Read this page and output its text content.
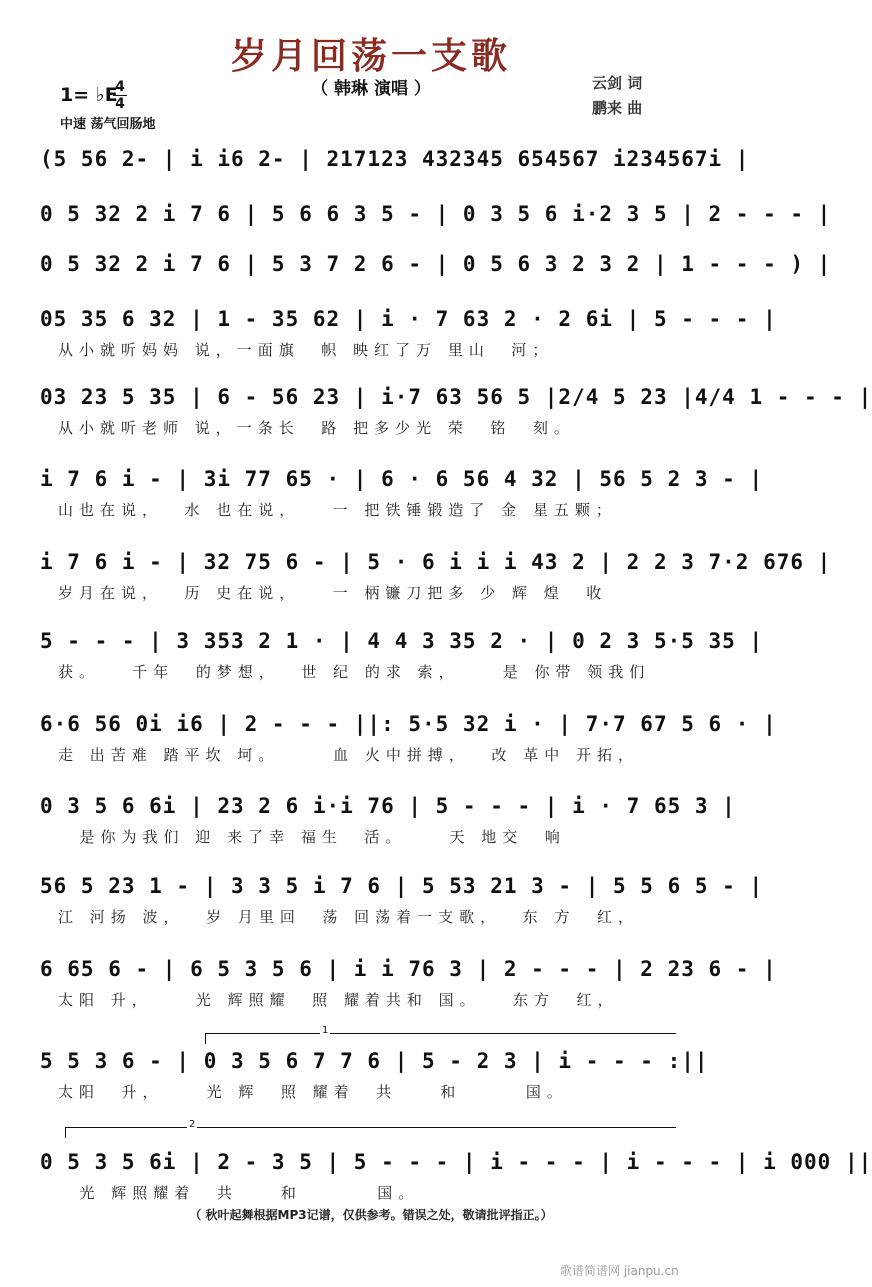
岁月回荡一支歌
（ 韩琳 演唱 ）
1= ♭E
4
4
中速 荡气回肠地
云剑 词
鹏来 曲
(5 56 2- | i i6 2- | 217123 432345 654567 i234567i |
0 5 32 2 i 7 6 | 5 6 6 3 5 - | 0 3 5 6 i·2 3 5 | 2 - - - |
0 5 32 2 i 7 6 | 5 3 7 2 6 - | 0 5 6 3 2 3 2 | 1 - - - ) |
05 35 6 32 | 1 - 35 62 | i · 7 63 2 · 2 6i | 5 - - - |
从小就听妈妈 说，一面旗  帜 映红了万 里山  河；
03 23 5 35 | 6 - 56 23 | i·7 63 56 5 |2/4 5 23 |4/4 1 - - - |
从小就听老师 说，一条长  路 把多少光 荣  铭  刻。
i 7 6 i - | 3i 77 65 · | 6 · 6 56 4 32 | 56 5 2 3 - |
山也在说，  水 也在说，   一 把铁锤锻造了 金 星五颗；
i 7 6 i - | 32 75 6 - | 5 · 6 i i i 43 2 | 2 2 3 7·2 676 |
岁月在说，  历 史在说，   一 柄镰刀把多 少 辉 煌  收
5 - - - | 3 353 2 1 · | 4 4 3 35 2 · | 0 2 3 5·5 35 |
获。   千年  的梦想，  世 纪 的求 索，    是 你带 领我们
6·6 56 0i i6 | 2 - - - ||: 5·5 32 i · | 7·7 67 5 6 · |
走 出苦难 踏平坎 坷。     血 火中拼搏，  改 革中 开拓，
0 3 5 6 6i | 23 2 6 i·i 76 | 5 - - - | i · 7 65 3 |
是你为我们 迎 来了幸 福生  活。    天 地交  响
56 5 23 1 - | 3 3 5 i 7 6 | 5 53 21 3 - | 5 5 6 5 - |
江 河扬 波，  岁 月里回  荡 回荡着一支歌，  东 方  红，
6 65 6 - | 6 5 3 5 6 | i i 76 3 | 2 - - - | 2 23 6 - |
太阳 升，    光 辉照耀  照 耀着共和 国。   东方  红，
1
5 5 3 6 - | 0 3 5 6 7 7 6 | 5 - 2 3 | i - - - :||
太阳  升，    光 辉  照 耀着  共    和      国。
2
0 5 3 5 6i | 2 - 3 5 | 5 - - - | i - - - | i - - - | i 000 ||
光 辉照耀着  共    和       国。
（ 秋叶起舞根据MP3记谱，仅供参考。错误之处，敬请批评指正。）
歌谱简谱网 jianpu.cn
